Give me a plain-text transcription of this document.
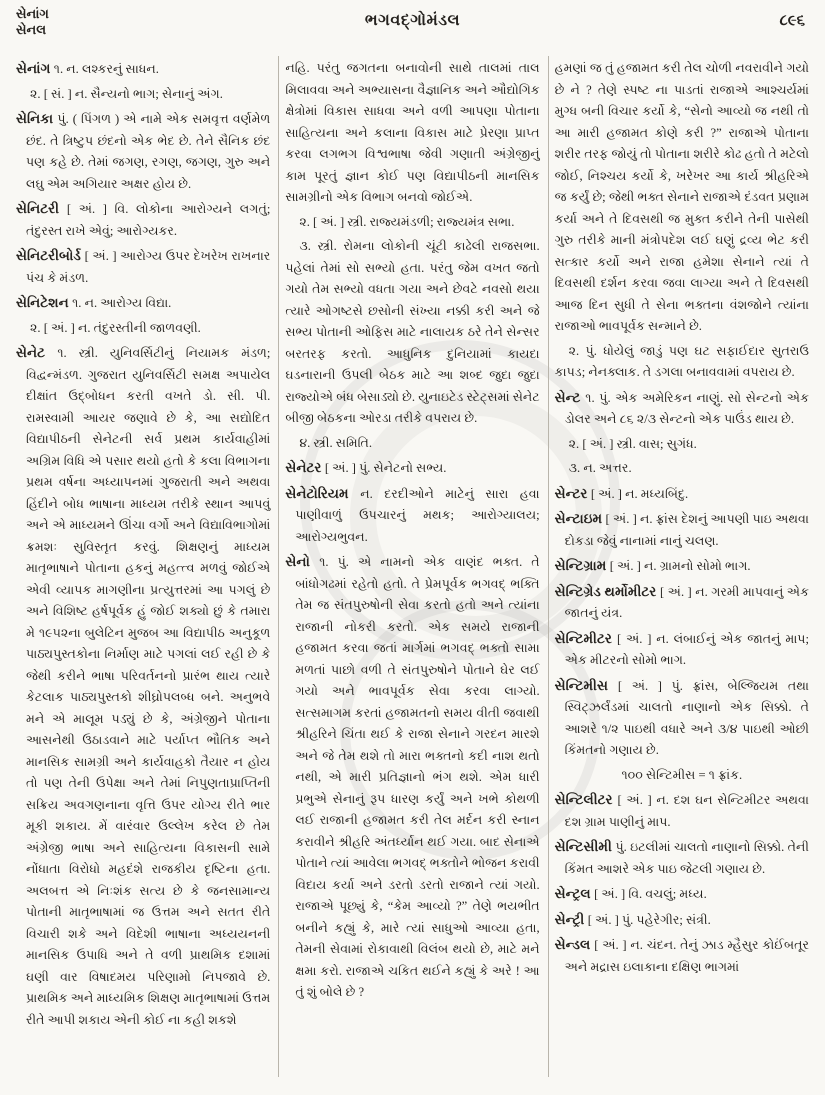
સેનાંગ
સેનલ
ભગવદ્ગોમંડલ	૮૯૬

સેનાંગ ૧. ન. લશ્કરનું સાધન.

૨. [ સં. ] ન. સૈન્યનો ભાગ; સેનાનું અંગ.

સેનિકા પું. ( પિંગળ ) એ નામે એક સમવૃત્ત વર્ણમેળ છંદ. તે ત્રિષ્ટુપ છંદનો એક ભેદ છે. તેને સૈનિક છંદ પણ કહે છે. તેમાં જગણ, રગણ, જગણ, ગુરુ અને લઘુ એમ અગિયાર અક્ષર હોય છે.

સેનિટરી [ અં. ] વિ. લોકોના આરોગ્યને લગતું; તંદુરસ્ત રાખે એવું; આરોગ્યકર.

સેનિટરીબોર્ડ [ અં. ] આરોગ્ય ઉપર દેખરેખ રાખનાર પંચ કે મંડળ.

સેનિટેશન ૧. ન. આરોગ્ય વિદ્યા.

૨. [ અં. ] ન. તંદુરસ્તીની જાળવણી.

સેનેટ ૧. સ્ત્રી. યુનિવર્સિટીનું નિયામક મંડળ; વિદ્વન્મંડળ. ગુજરાત યુનિવર્સિટી સમક્ષ અપાયેલ દીક્ષાંત ઉદ્બોધન કરતી વખતે ડો. સી. પી. રામસ્વામી આયર જણાવે છે કે, આ સદ્યોદિત વિદ્યાપીઠની સેનેટની સર્વ પ્રથમ કાર્યવાહીમાં અગ્રિમ વિધિ એ પસાર થયો હતો કે કલા વિભાગના પ્રથમ વર્ષના અધ્યાપનમાં ગુજરાતી અને અથવા હિંદીને બોધ ભાષાના માધ્યમ તરીકે સ્થાન આપવું અને એ માધ્યમને ઊંચા વર્ગો અને વિદ્યાવિભાગોમાં ક્રમશઃ સુવિસ્તૃત કરવું. શિક્ષણનું માધ્યમ માતૃભાષાને પોતાના હકનું મહત્ત્વ મળવું જોઈએ એવી વ્યાપક માગણીના પ્રત્યુત્તરમાં આ પગલું છે અને વિશિષ્ટ હર્ષપૂર્વક હું જોઈ શક્યો છું કે તમારા મે ૧૯૫૨ના બુલેટિન મુજબ આ વિદ્યાપીઠ અનુકૂળ પાઠ્યપુસ્તકોના નિર્માણ માટે પગલાં લઈ રહી છે કે જેથી કરીને ભાષા પરિવર્તનનો પ્રારંભ થાય ત્યારે કેટલાક પાઠ્યપુસ્તકો શીઘ્રોપલબ્ધ બને. અનુભવે મને એ માલૂમ પડ્યું છે કે, અંગ્રેજીને પોતાના આસનેથી ઉઠાડવાને માટે પર્યાપ્ત ભૌતિક અને માનસિક સામગ્રી અને કાર્યવાહકો તૈયાર ન હોય તો પણ તેની ઉપેક્ષા અને તેમાં નિપુણતાપ્રાપ્તિની સક્રિય અવગણનાના વૃત્તિ ઉપર યોગ્ય રીતે ભાર મૂકી શકાય. મેં વારંવાર ઉલ્લેખ કરેલ છે તેમ અંગ્રેજી ભાષા અને સાહિત્યના વિકાસની સામે નોંધાતા વિરોધો મહદંશે રાજકીય દૃષ્ટિના હતા. અલબત્ત એ નિઃશંક સત્ય છે કે જનસામાન્ય પોતાની માતૃભાષામાં જ ઉત્તમ અને સતત રીતે વિચારી શકે અને વિદેશી ભાષાના અધ્યયનની માનસિક ઉપાધિ અને તે વળી પ્રાથમિક દશામાં ઘણી વાર વિષાદમય પરિણામો નિપજાવે છે. પ્રાથમિક અને માધ્યમિક શિક્ષણ માતૃભાષામાં ઉત્તમ રીતે આપી શકાય એની કોઈ ના કહી શકશે

નહિ. પરંતુ જગતના બનાવોની સાથે તાલમાં તાલ મિલાવવા અને અભ્યાસના વૈજ્ઞાનિક અને ઔદ્યોગિક ક્ષેત્રોમાં વિકાસ સાધવા અને વળી આપણા પોતાના સાહિત્યના અને કલાના વિકાસ માટે પ્રેરણા પ્રાપ્ત કરવા લગભગ વિશ્વભાષા જેવી ગણાતી અંગ્રેજીનું કામ પૂરતું જ્ઞાન કોઈ પણ વિદ્યાપીઠની માનસિક સામગ્રીનો એક વિભાગ બનવો જોઈએ.

૨. [ અં. ] સ્ત્રી. રાજ્યમંડળી; રાજ્યમંત્ર સભા.

૩. સ્ત્રી. રોમના લોકોની ચૂંટી કાઢેલી રાજસભા. પહેલાં તેમાં સો સભ્યો હતા. પરંતુ જેમ વખત જતો ગયો તેમ સભ્યો વધતા ગયા અને છેવટે નવસો થયા ત્યારે ઓગષ્ટસે છસોની સંખ્યા નક્કી કરી અને જે સભ્ય પોતાની ઓફિસ માટે નાલાયક ઠરે તેને સેન્સર બરતરફ કરતો. આધુનિક દુનિયામાં કાયદા ઘડનારાની ઉપલી બેઠક માટે આ શબ્દ જુદા જુદા રાજ્યોએ બંધ બેસાડ્યો છે. યુનાઇટેડ સ્ટેટ્સમાં સેનેટ બીજી બેઠકના ઓરડા તરીકે વપરાય છે.

૪. સ્ત્રી. સમિતિ.

સેનેટર [ અં. ] પું. સેનેટનો સભ્ય.

સેનેટોરિયમ ન. દરદીઓને માટેનું સારા હવા પાણીવાળું ઉપચારનું મથક; આરોગ્યાલય; આરોગ્યભુવન.

સેનો ૧. પું. એ નામનો એક વાણંદ ભક્ત. તે બાંધોગઢમાં રહેતો હતો. તે પ્રેમપૂર્વક ભગવદ્ ભક્તિ તેમ જ સંતપુરુષોની સેવા કરતો હતો અને ત્યાંના રાજાની નોકરી કરતો. એક સમયે રાજાની હજામત કરવા જતાં માર્ગમાં ભગવદ્ ભક્તો સામા મળતાં પાછો વળી તે સંતપુરુષોને પોતાને ઘેર લઈ ગયો અને ભાવપૂર્વક સેવા કરવા લાગ્યો. સત્સમાગમ કરતાં હજામતનો સમય વીતી જવાથી શ્રીહરિને ચિંતા થઈ કે રાજા સેનાને ગરદન મારશે અને જે તેમ થશે તો મારા ભક્તનો કદી નાશ થતો નથી, એ મારી પ્રતિજ્ઞાનો ભંગ થશે. એમ ધારી પ્રભુએ સેનાનું રૂપ ધારણ કર્યું અને ખભે કોથળી લઈ રાજાની હજામત કરી તેલ મર્દન કરી સ્નાન કરાવીને શ્રીહરિ અંતર્ધ્યાન થઈ ગયા. બાદ સેનાએ પોતાને ત્યાં આવેલા ભગવદ્ ભક્તોને ભોજન કરાવી વિદાય કર્યા અને ડરતો ડરતો રાજાને ત્યાં ગયો. રાજાએ પૂછ્યું કે, “કેમ આવ્યો ?” તેણે ભયભીત બનીને કહ્યું કે, મારે ત્યાં સાધુઓ આવ્યા હતા, તેમની સેવામાં રોકાવાથી વિલંબ થયો છે, માટે મને ક્ષમા કરો. રાજાએ ચકિત થઈને કહ્યું કે અરે ! આ તું શું બોલે છે ?

હમણાં જ તું હજામત કરી તેલ ચોળી નવરાવીને ગયો છે ને ? તેણે સ્પષ્ટ ના પાડતાં રાજાએ આશ્ચર્યમાં મુગ્ધ બની વિચાર કર્યો કે, “સેનો આવ્યો જ નથી તો આ મારી હજામત કોણે કરી ?” રાજાએ પોતાના શરીર તરફ જોયું તો પોતાના શરીરે કોઢ હતો તે મટેલો જોઈ, નિશ્ચય કર્યો કે, ખરેખર આ કાર્ય શ્રીહરિએ જ કર્યું છે; જેથી ભક્ત સેનાને રાજાએ દંડવત પ્રણામ કર્યા અને તે દિવસથી જ મુક્ત કરીને તેની પાસેથી ગુરુ તરીકે માની મંત્રોપદેશ લઈ ઘણું દ્રવ્ય ભેટ કરી સત્કાર કર્યો અને રાજા હમેશા સેનાને ત્યાં તે દિવસથી દર્શન કરવા જવા લાગ્યા અને તે દિવસથી આજ દિન સુધી તે સેના ભક્તના વંશજોને ત્યાંના રાજાઓ ભાવપૂર્વક સન્માને છે.

૨. પું. ધોયેલું જાડું પણ ઘટ સફાઈદાર સુતરાઉ કાપડ; નેનક્લાક. તે ડગલા બનાવવામાં વપરાય છે.

સેન્ટ ૧. પું. એક અમેરિકન નાણું. સો સેન્ટનો એક ડોલર અને ૮૬ ૨/૩ સેન્ટનો એક પાઉંડ થાય છે.

૨. [ અં. ] સ્ત્રી. વાસ; સુગંધ.

૩. ન. અત્તર.

સેન્ટર [ અં. ] ન. મધ્યબિંદુ.

સેન્ટાઇમ [ અં. ] ન. ફ્રાંસ દેશનું આપણી પાઇ અથવા દોકડા જેવું નાનામાં નાનું ચલણ.

સેન્ટિગ્રામ [ અં. ] ન. ગ્રામનો સોમો ભાગ.

સેન્ટિગ્રેડ થર્મોમીટર [ અં. ] ન. ગરમી માપવાનું એક જાતનું યંત્ર.

સેન્ટિમીટર [ અં. ] ન. લંબાઈનું એક જાતનું માપ; એક મીટરનો સોમો ભાગ.

સેન્ટિમીસ [ અં. ] પું. ફ્રાંસ, બેલ્જિયમ તથા સ્વિટ્ઝર્લંડમાં ચાલતો નાણાનો એક સિક્કો. તે આશરે ૧/૨ પાઇથી વધારે અને ૩/૪ પાઇથી ઓછી કિંમતનો ગણાય છે.

૧૦૦ સેન્ટિમીસ = ૧ ફ્રાંક.

સેન્ટિલીટર [ અં. ] ન. દશ ઘન સેન્ટિમીટર અથવા દશ ગ્રામ પાણીનું માપ.

સેન્ટિસીમી પું. ઇટલીમાં ચાલતો નાણાનો સિક્કો. તેની કિંમત આશરે એક પાઇ જેટલી ગણાય છે.

સેન્ટ્રલ [ અં. ] વિ. વચલું; મધ્ય.

સેન્ટ્રી [ અં. ] પું. પહેરેગીર; સંત્રી.

સેન્ડલ [ અં. ] ન. ચંદન. તેનું ઝાડ મ્હૈસુર કોઈંબતૂર અને મદ્રાસ ઇલાકાના દક્ષિણ ભાગમાં
